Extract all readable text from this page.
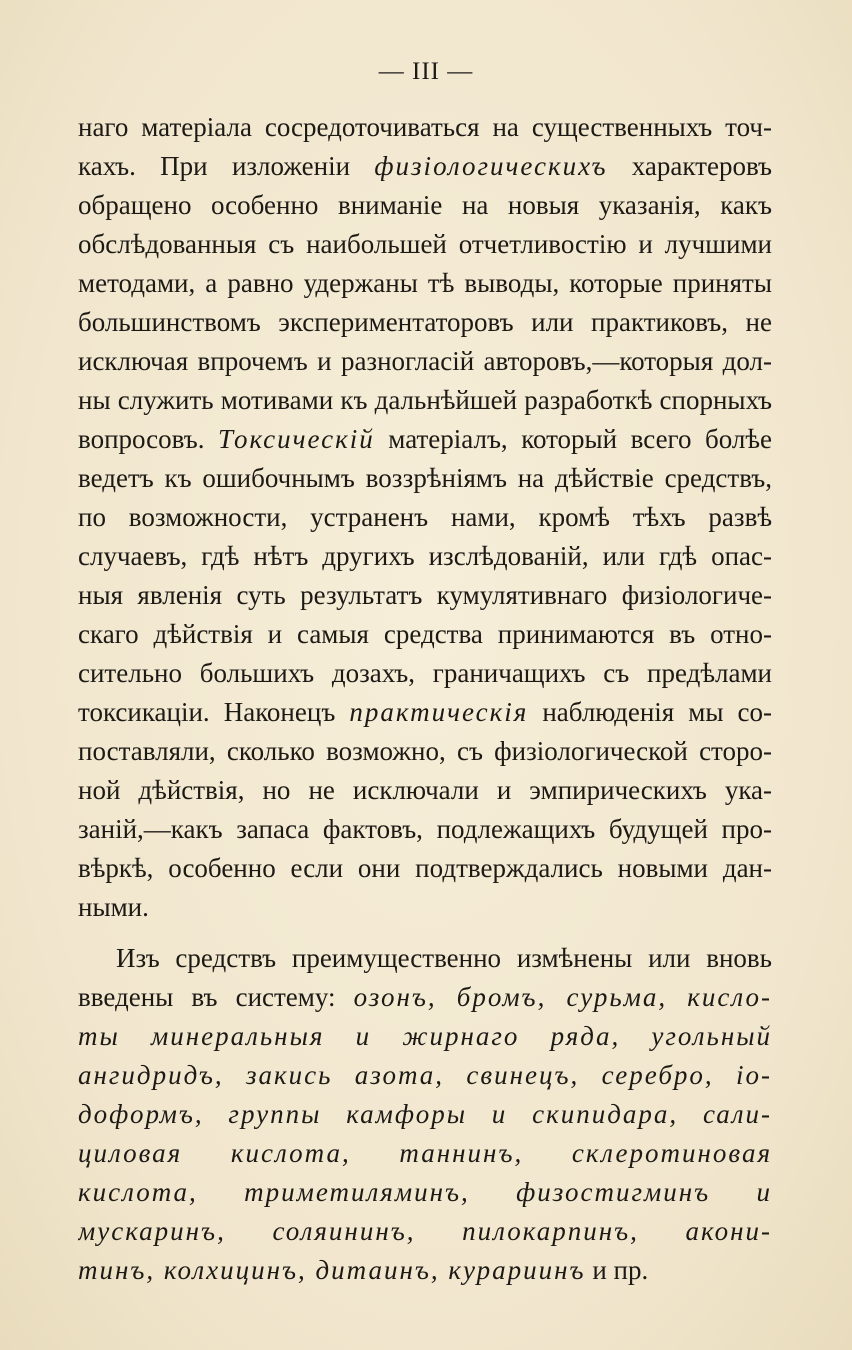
— III —
наго матеріала сосредоточиваться на существенныхъ точ-
кахъ. При изложеніи физіологическихъ характеровъ
обращено особенно вниманіе на новыя указанія, какъ
обслѣдованныя съ наибольшей отчетливостію и лучшими
методами, а равно удержаны тѣ выводы, которые приняты
большинствомъ экспериментаторовъ или практиковъ, не
исключая впрочемъ и разногласій авторовъ,—которыя дол-
ны служить мотивами къ дальнѣйшей разработкѣ спорныхъ
вопросовъ. Токсическій матеріалъ, который всего болѣе
ведетъ къ ошибочнымъ воззрѣніямъ на дѣйствіе средствъ,
по возможности, устраненъ нами, кромѣ тѣхъ развѣ
случаевъ, гдѣ нѣтъ другихъ изслѣдованій, или гдѣ опас-
ныя явленія суть результатъ кумулятивнаго физіологиче-
скаго дѣйствія и самыя средства принимаются въ отно-
сительно большихъ дозахъ, граничащихъ съ предѣлами
токсикаціи. Наконецъ практическія наблюденія мы со-
поставляли, сколько возможно, съ физіологической сторо-
ной дѣйствія, но не исключали и эмпирическихъ ука-
заній,—какъ запаса фактовъ, подлежащихъ будущей про-
вѣркѣ, особенно если они подтверждались новыми дан-
ными.
Изъ средствъ преимущественно измѣнены или вновь
введены въ систему: озонъ, бромъ, сурьма, кисло-
ты минеральныя и жирнаго ряда, угольный
ангидридъ, закись азота, свинецъ, серебро, іо-
доформъ, группы камфоры и скипидара, сали-
циловая кислота, таннинъ, склеротиновая
кислота, триметиляминъ, физостигминъ и
мускаринъ, соляининъ, пилокарпинъ, акони-
тинъ, колхицинъ, дитаинъ, курариинъ и пр.
